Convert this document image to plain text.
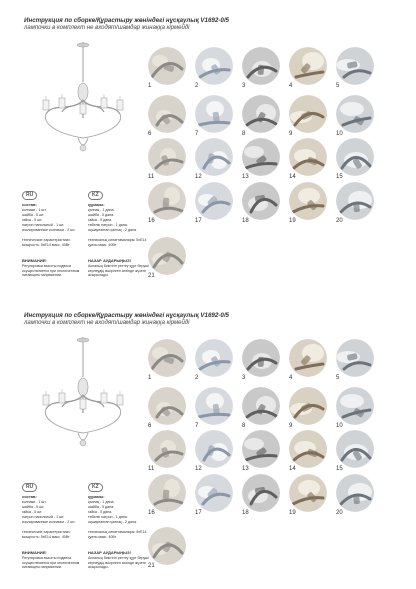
Инструкция по сборке/Құрастыру жөніндегі нұсқаулық V1692-0/5
лампочки в комплект не входят/шамдар жинаққа кірмейді
RU
состав:
колпаки - 1 шт.
шайба - 5 шт.
гайка - 5 шт.
патрон напольный - 1 шт.
изолированные колпачки - 2 шт.
технические характеристики: мощность: 5xE14 макс. 40Вт
ВНИМАНИЕ!
Регулировка высоты подвеса осуществляется при отключенном питающем напряжении.
KZ
құрамы:
қалпақ - 1 дана.
шайба - 5 дана.
гайка - 5 дана.
төбелік патрон - 1 дана.
оқшауланған қалпақ - 2 дана.
техникалық сипаттамалары: 5xE14 қуаты макс. 40Вт
НАЗАР АУДАРЫҢЫЗ!
Аспаның биіктігін реттеу құрт берушi кернеудің өшірілген кезінде жүзеге асырылады.
1	2	3	4	5
6	7	8	9	10
11	12	13	14	15
16	17	18	19	20
21
Инструкция по сборке/Құрастыру жөніндегі нұсқаулық V1692-0/5
лампочки в комплект не входят/шамдар жинаққа кірмейді
RU
состав:
колпаки - 1 шт.
шайба - 5 шт.
гайка - 5 шт.
патрон напольный - 1 шт.
изолированные колпачки - 2 шт.
технические характеристики: мощность: 5xE14 макс. 40Вт
ВНИМАНИЕ!
Регулировка высоты подвеса осуществляется при отключенном питающем напряжении.
KZ
құрамы:
қалпақ - 1 дана.
шайба - 5 дана.
гайка - 5 дана.
төбелік патрон - 1 дана.
оқшауланған қалпақ - 2 дана.
техникалық сипаттамалары: 5xE14 қуаты макс. 40Вт
НАЗАР АУДАРЫҢЫЗ!
Аспаның биіктігін реттеу құрт берушi кернеудің өшірілген кезінде жүзеге асырылады.
1	2	3	4	5
6	7	8	9	10
11	12	13	14	15
16	17	18	19	20
21
